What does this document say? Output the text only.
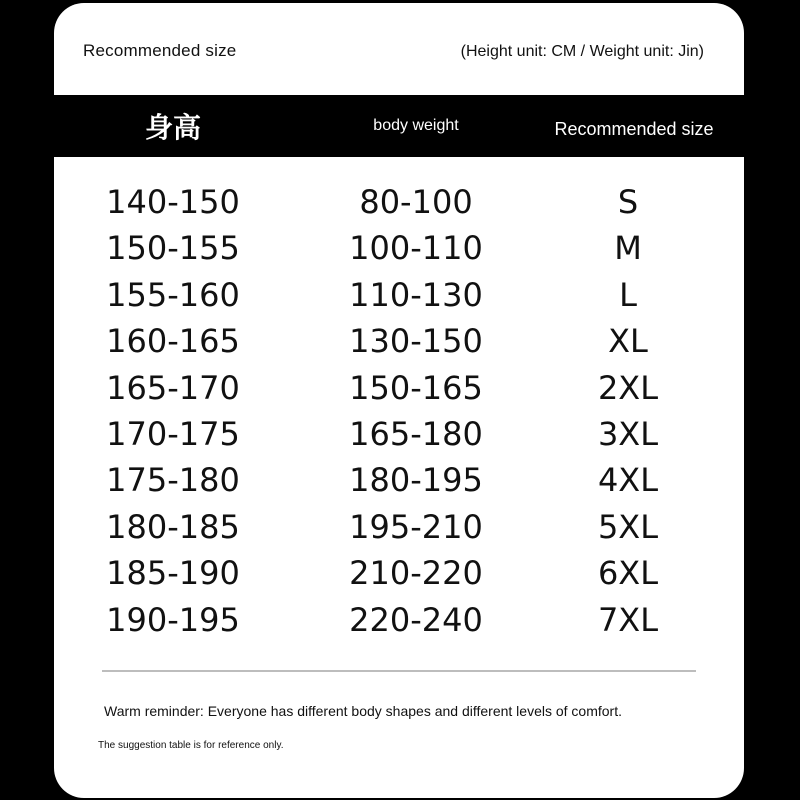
Recommended size	(Height unit: CM / Weight unit: Jin)
身高	body weight	Recommended size
140-150	80-100	S
150-155	100-110	M
155-160	110-130	L
160-165	130-150	XL
165-170	150-165	2XL
170-175	165-180	3XL
175-180	180-195	4XL
180-185	195-210	5XL
185-190	210-220	6XL
190-195	220-240	7XL
Warm reminder: Everyone has different body shapes and different levels of comfort.
The suggestion table is for reference only.
